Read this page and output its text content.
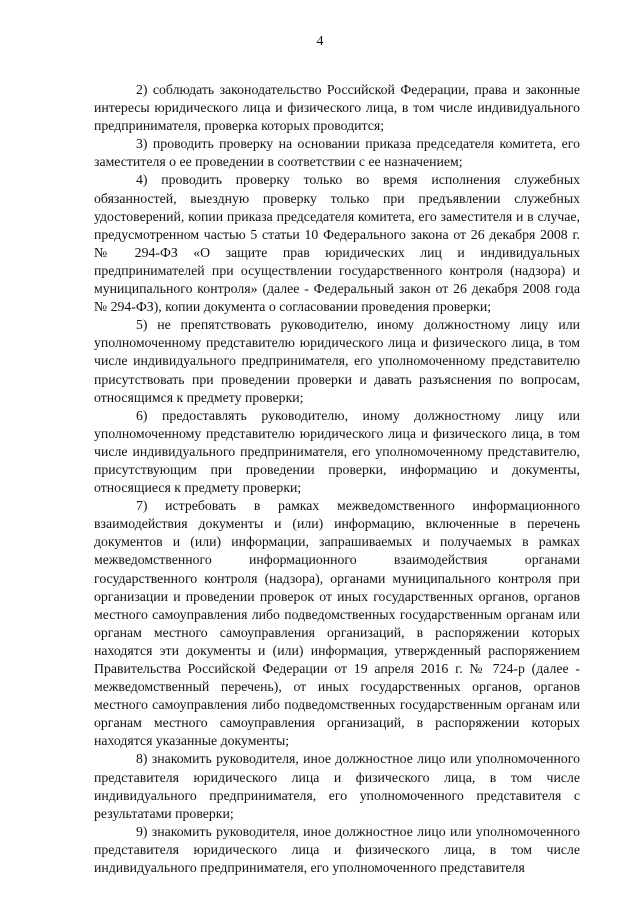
4

2) соблюдать законодательство Российской Федерации, права и законные интересы юридического лица и физического лица, в том числе индивидуального предпринимателя, проверка которых проводится;

3) проводить проверку на основании приказа председателя комитета, его заместителя о ее проведении в соответствии с ее назначением;

4) проводить проверку только во время исполнения служебных обязанностей, выездную проверку только при предъявлении служебных удостоверений, копии приказа председателя комитета, его заместителя и в случае, предусмотренном частью 5 статьи 10 Федерального закона от 26 декабря 2008 г. № 294-ФЗ «О защите прав юридических лиц и индивидуальных предпринимателей при осуществлении государственного контроля (надзора) и муниципального контроля» (далее - Федеральный закон от 26 декабря 2008 года № 294-ФЗ), копии документа о согласовании проведения проверки;

5) не препятствовать руководителю, иному должностному лицу или уполномоченному представителю юридического лица и физического лица, в том числе индивидуального предпринимателя, его уполномоченному представителю присутствовать при проведении проверки и давать разъяснения по вопросам, относящимся к предмету проверки;

6) предоставлять руководителю, иному должностному лицу или уполномоченному представителю юридического лица и физического лица, в том числе индивидуального предпринимателя, его уполномоченному представителю, присутствующим при проведении проверки, информацию и документы, относящиеся к предмету проверки;

7) истребовать в рамках межведомственного информационного взаимодействия документы и (или) информацию, включенные в перечень документов и (или) информации, запрашиваемых и получаемых в рамках межведомственного информационного взаимодействия органами государственного контроля (надзора), органами муниципального контроля при организации и проведении проверок от иных государственных органов, органов местного самоуправления либо подведомственных государственным органам или органам местного самоуправления организаций, в распоряжении которых находятся эти документы и (или) информация, утвержденный распоряжением Правительства Российской Федерации от 19 апреля 2016 г. № 724-р (далее - межведомственный перечень), от иных государственных органов, органов местного самоуправления либо подведомственных государственным органам или органам местного самоуправления организаций, в распоряжении которых находятся указанные документы;

8) знакомить руководителя, иное должностное лицо или уполномоченного представителя юридического лица и физического лица, в том числе индивидуального предпринимателя, его уполномоченного представителя с результатами проверки;

9) знакомить руководителя, иное должностное лицо или уполномоченного представителя юридического лица и физического лица, в том числе индивидуального предпринимателя, его уполномоченного представителя
